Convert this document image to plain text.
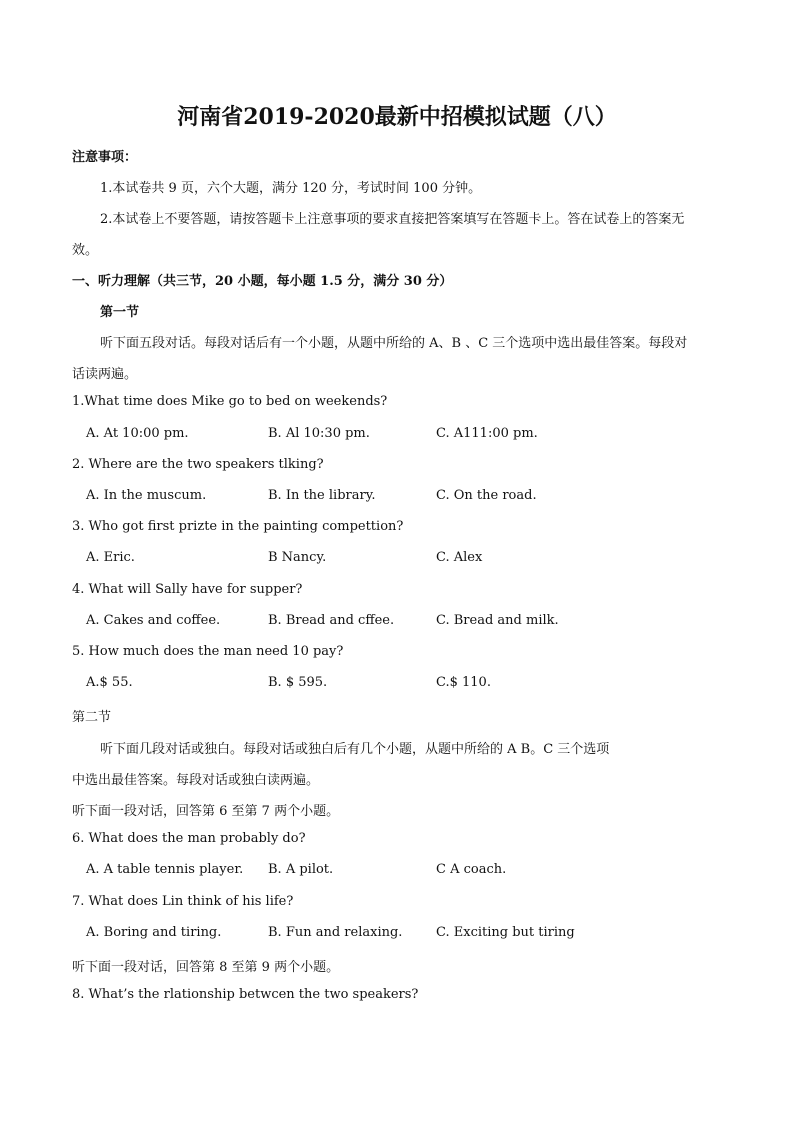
河南省2019-2020最新中招模拟试题（八）
注意事项：
1.本试卷共 9 页，六个大题，满分 120 分，考试时间 100 分钟。
2.本试卷上不要答题，请按答题卡上注意事项的要求直接把答案填写在答题卡上。答在试卷上的答案无
效。
一、听力理解（共三节，20 小题，每小题 1.5 分，满分 30 分）
第一节
听下面五段对话。每段对话后有一个小题，从题中所给的 A、B 、C 三个选项中选出最佳答案。每段对
话读两遍。
1.What time does Mike go to bed on weekends?
A. At 10:00 pm.	B. Al 10:30 pm.	C. A111:00 pm.
2. Where are the two speakers tlking?
A. In the muscum.	B. In the library.	C. On the road.
3. Who got first prizte in the painting compettion?
A. Eric.	B Nancy.	C. Alex
4. What will Sally have for supper?
A. Cakes and coffee.	B. Bread and cffee.	C. Bread and milk.
5. How much does the man need 10 pay?
A.$ 55.	B. $ 595.	C.$ 110.
第二节
听下面几段对话或独白。每段对话或独白后有几个小题，从题中所给的 A B。C 三个选项
中选出最佳答案。每段对话或独白读两遍。
听下面一段对话，回答第 6 至第 7 两个小题。
6. What does the man probably do?
A. A table tennis player. B. A pilot.	C A coach.
7. What does Lin think of his life?
A. Boring and tiring.	B. Fun and relaxing.	C. Exciting but tiring
听下面一段对话，回答第 8 至第 9 两个小题。
8. What’s the rlationship betwcen the two speakers?
